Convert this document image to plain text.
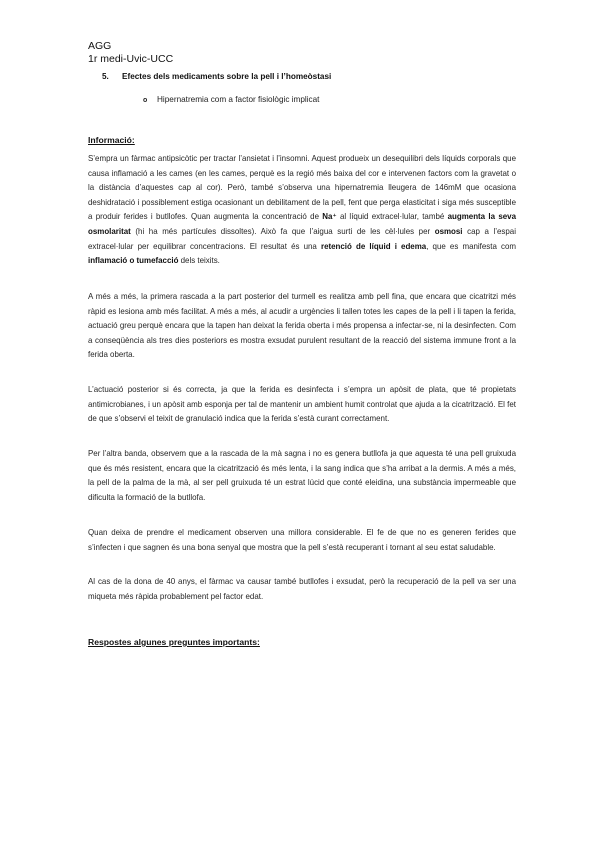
AGG
1r medi-Uvic-UCC
5. Efectes dels medicaments sobre la pell i l’homeòstasi
o Hipernatremia com a factor fisiològic implicat
Informació:
S’empra un fàrmac antipsicòtic per tractar l’ansietat i l’insomni. Aquest produeix un desequilibri dels líquids corporals que causa inflamació a les cames (en les cames, perquè es la regió més baixa del cor e intervenen factors com la gravetat o la distància d’aquestes cap al cor). Però, també s’observa una hipernatremia lleugera de 146mM que ocasiona deshidratació i possiblement estiga ocasionant un debilitament de la pell, fent que perga elasticitat i siga més susceptible a produir ferides i butllofes. Quan augmenta la concentració de Na⁺ al líquid extracel·lular, també augmenta la seva osmolaritat (hi ha més partícules dissoltes). Això fa que l’aigua surti de les cèl·lules per osmosi cap a l’espai extracel·lular per equilibrar concentracions. El resultat és una retenció de líquid i edema, que es manifesta com inflamació o tumefacció dels teixits.
A més a més, la primera rascada a la part posterior del turmell es realitza amb pell fina, que encara que cicatritzi més ràpid es lesiona amb més facilitat. A més a més, al acudir a urgències li tallen totes les capes de la pell i li tapen la ferida, actuació greu perquè encara que la tapen han deixat la ferida oberta i més propensa a infectar-se, ni la desinfecten. Com a conseqüència als tres dies posteriors es mostra exsudat purulent resultant de la reacció del sistema immune front a la ferida oberta.
L’actuació posterior si és correcta, ja que la ferida es desinfecta i s’empra un apòsit de plata, que té propietats antimicrobianes, i un apòsit amb esponja per tal de mantenir un ambient humit controlat que ajuda a la cicatrització. El fet de que s’observi el teixit de granulació indica que la ferida s’està curant correctament.
Per l’altra banda, observem que a la rascada de la mà sagna i no es genera butllofa ja que aquesta té una pell gruixuda que és més resistent, encara que la cicatrització és més lenta, i la sang indica que s’ha arribat a la dermis. A més a més, la pell de la palma de la mà, al ser pell gruixuda té un estrat lúcid que conté eleidina, una substància impermeable que dificulta la formació de la butllofa.
Quan deixa de prendre el medicament observen una millora considerable. El fe de que no es generen ferides que s’infecten i que sagnen és una bona senyal que mostra que la pell s’està recuperant i tornant al seu estat saludable.
Al cas de la dona de 40 anys, el fàrmac va causar també butllofes i exsudat, però la recuperació de la pell va ser una miqueta més ràpida probablement pel factor edat.
Respostes algunes preguntes importants:
